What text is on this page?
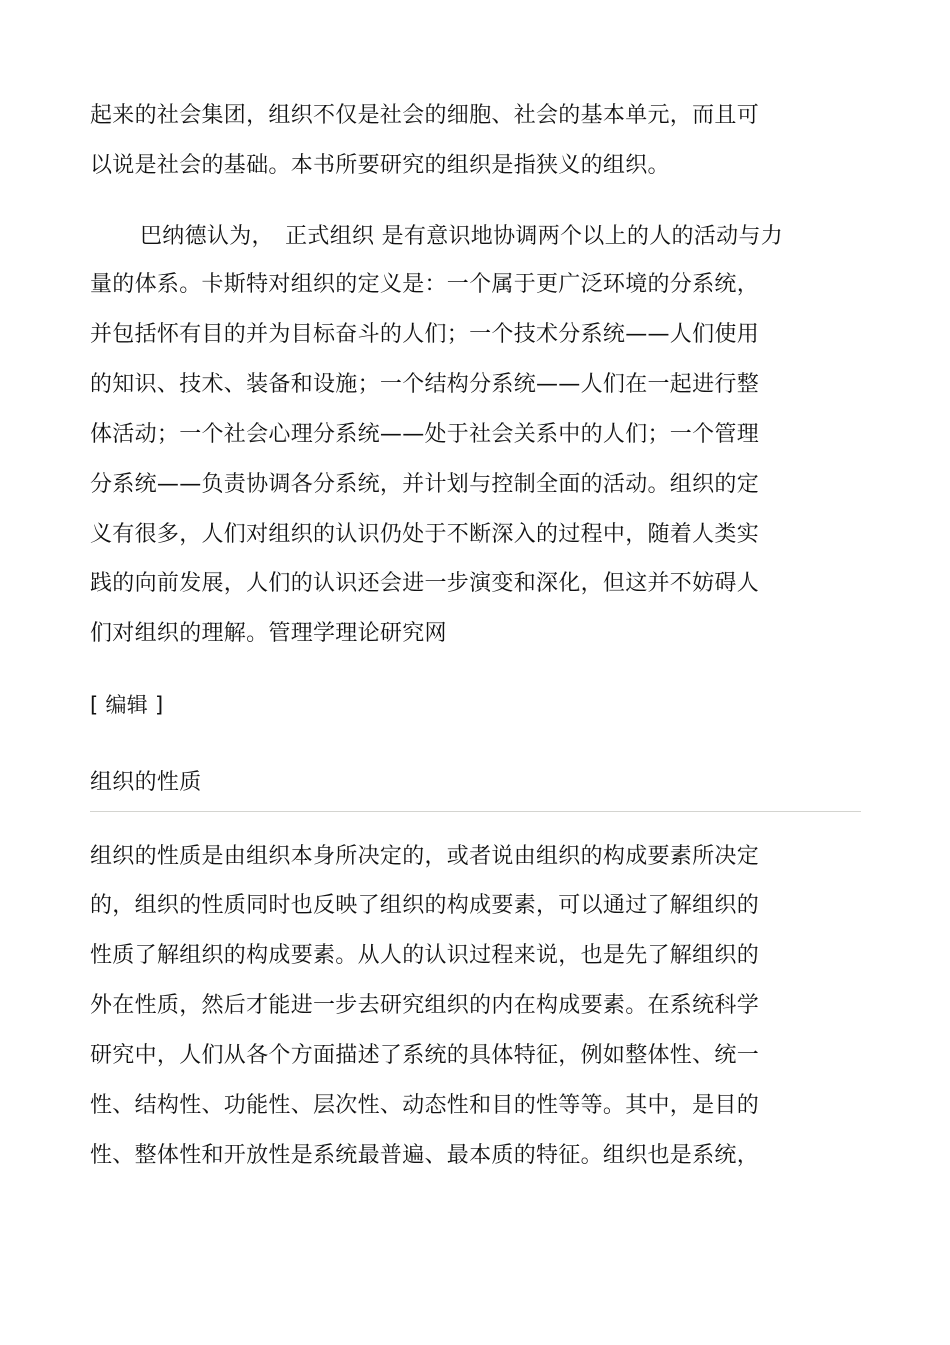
起来的社会集团，组织不仅是社会的细胞、社会的基本单元，而且可
以说是社会的基础。本书所要研究的组织是指狭义的组织。
巴纳德认为，　正式组织 是有意识地协调两个以上的人的活动与力
量的体系。卡斯特对组织的定义是：一个属于更广泛环境的分系统，
并包括怀有目的并为目标奋斗的人们；一个技术分系统——人们使用
的知识、技术、装备和设施；一个结构分系统——人们在一起进行整
体活动；一个社会心理分系统——处于社会关系中的人们；一个管理
分系统——负责协调各分系统，并计划与控制全面的活动。组织的定
义有很多，人们对组织的认识仍处于不断深入的过程中，随着人类实
践的向前发展，人们的认识还会进一步演变和深化，但这并不妨碍人
们对组织的理解。管理学理论研究网
[ 编辑 ]
组织的性质
组织的性质是由组织本身所决定的，或者说由组织的构成要素所决定
的，组织的性质同时也反映了组织的构成要素，可以通过了解组织的
性质了解组织的构成要素。从人的认识过程来说，也是先了解组织的
外在性质，然后才能进一步去研究组织的内在构成要素。在系统科学
研究中，人们从各个方面描述了系统的具体特征，例如整体性、统一
性、结构性、功能性、层次性、动态性和目的性等等。其中，是目的
性、整体性和开放性是系统最普遍、最本质的特征。组织也是系统，
